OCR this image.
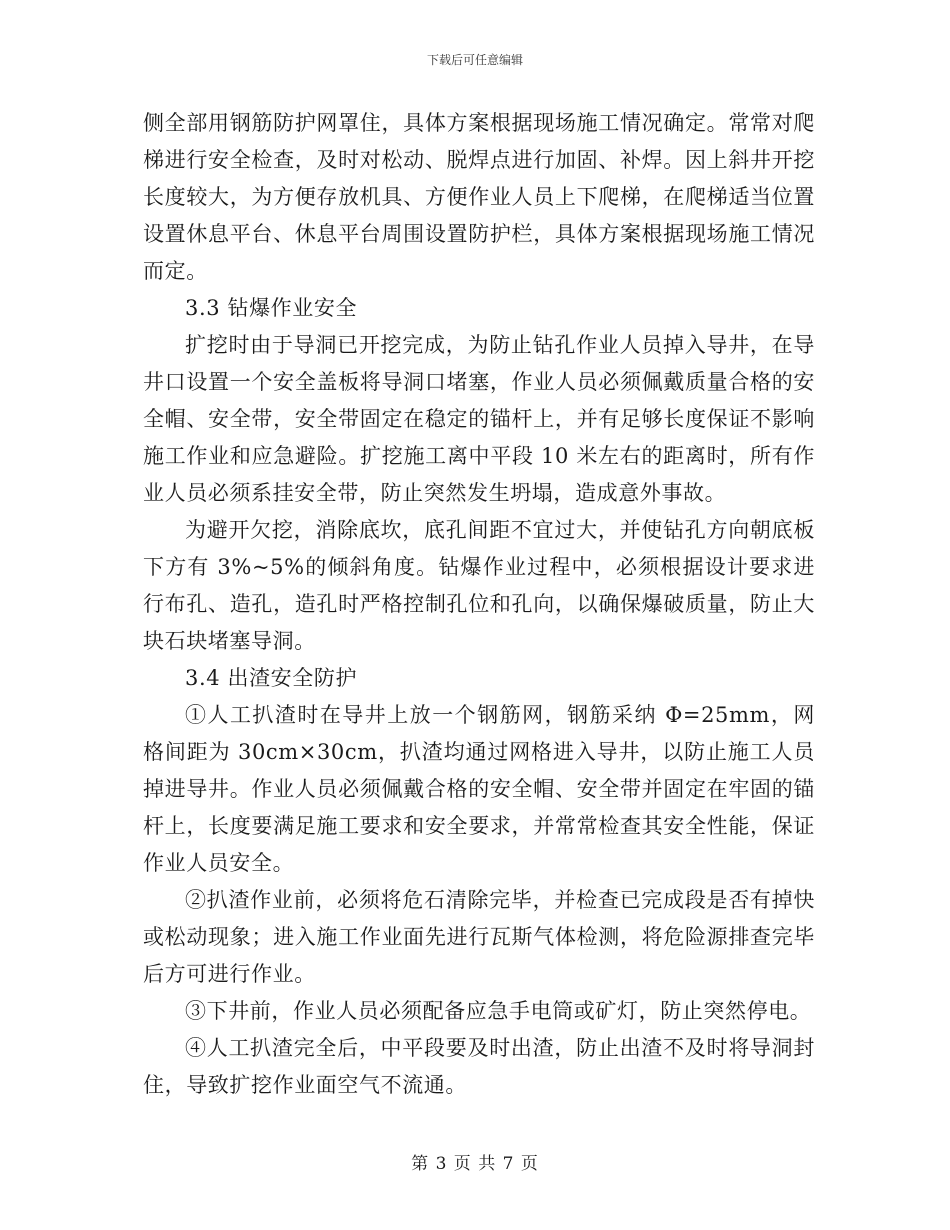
下载后可任意编辑

侧全部用钢筋防护网罩住，具体方案根据现场施工情况确定。常常对爬梯进行安全检查，及时对松动、脱焊点进行加固、补焊。因上斜井开挖长度较大，为方便存放机具、方便作业人员上下爬梯，在爬梯适当位置设置休息平台、休息平台周围设置防护栏，具体方案根据现场施工情况而定。

3.3 钻爆作业安全

扩挖时由于导洞已开挖完成，为防止钻孔作业人员掉入导井，在导井口设置一个安全盖板将导洞口堵塞，作业人员必须佩戴质量合格的安全帽、安全带，安全带固定在稳定的锚杆上，并有足够长度保证不影响施工作业和应急避险。扩挖施工离中平段 10 米左右的距离时，所有作业人员必须系挂安全带，防止突然发生坍塌，造成意外事故。

为避开欠挖，消除底坎，底孔间距不宜过大，并使钻孔方向朝底板下方有 3%~5%的倾斜角度。钻爆作业过程中，必须根据设计要求进行布孔、造孔，造孔时严格控制孔位和孔向，以确保爆破质量，防止大块石块堵塞导洞。

3.4 出渣安全防护

①人工扒渣时在导井上放一个钢筋网，钢筋采纳 Φ=25mm，网格间距为 30cm×30cm，扒渣均通过网格进入导井，以防止施工人员掉进导井。作业人员必须佩戴合格的安全帽、安全带并固定在牢固的锚杆上，长度要满足施工要求和安全要求，并常常检查其安全性能，保证作业人员安全。

②扒渣作业前，必须将危石清除完毕，并检查已完成段是否有掉快或松动现象；进入施工作业面先进行瓦斯气体检测，将危险源排查完毕后方可进行作业。

③下井前，作业人员必须配备应急手电筒或矿灯，防止突然停电。

④人工扒渣完全后，中平段要及时出渣，防止出渣不及时将导洞封住，导致扩挖作业面空气不流通。

第 3 页 共 7 页
